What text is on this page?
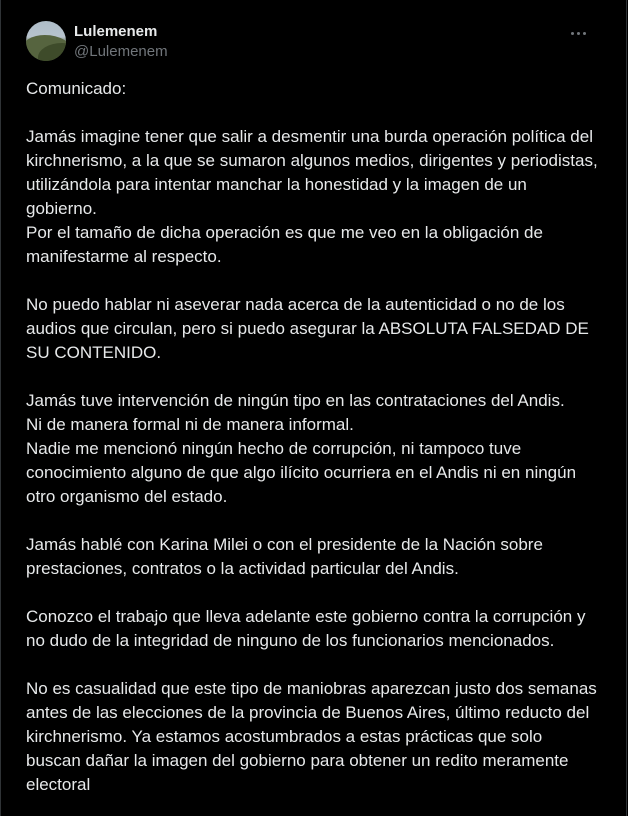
Lulemenem
@Lulemenem

Comunicado:

Jamás imagine tener que salir a desmentir una burda operación política del kirchnerismo, a la que se sumaron algunos medios, dirigentes y periodistas, utilizándola para intentar manchar la honestidad y la imagen de un gobierno.
Por el tamaño de dicha operación es que me veo en la obligación de manifestarme al respecto.

No puedo hablar ni aseverar nada acerca de la autenticidad o no de los audios que circulan, pero si puedo asegurar la ABSOLUTA FALSEDAD DE SU CONTENIDO.

Jamás tuve intervención de ningún tipo en las contrataciones del Andis.
Ni de manera formal ni de manera informal.
Nadie me mencionó ningún hecho de corrupción, ni tampoco tuve conocimiento alguno de que algo ilícito ocurriera en el Andis ni en ningún otro organismo del estado.

Jamás hablé con Karina Milei o con el presidente de la Nación sobre prestaciones, contratos o la actividad particular del Andis.

Conozco el trabajo que lleva adelante este gobierno contra la corrupción y no dudo de la integridad de ninguno de los funcionarios mencionados.

No es casualidad que este tipo de maniobras aparezcan justo dos semanas antes de las elecciones de la provincia de Buenos Aires, último reducto del kirchnerismo. Ya estamos acostumbrados a estas prácticas que solo buscan dañar la imagen del gobierno para obtener un redito meramente electoral
